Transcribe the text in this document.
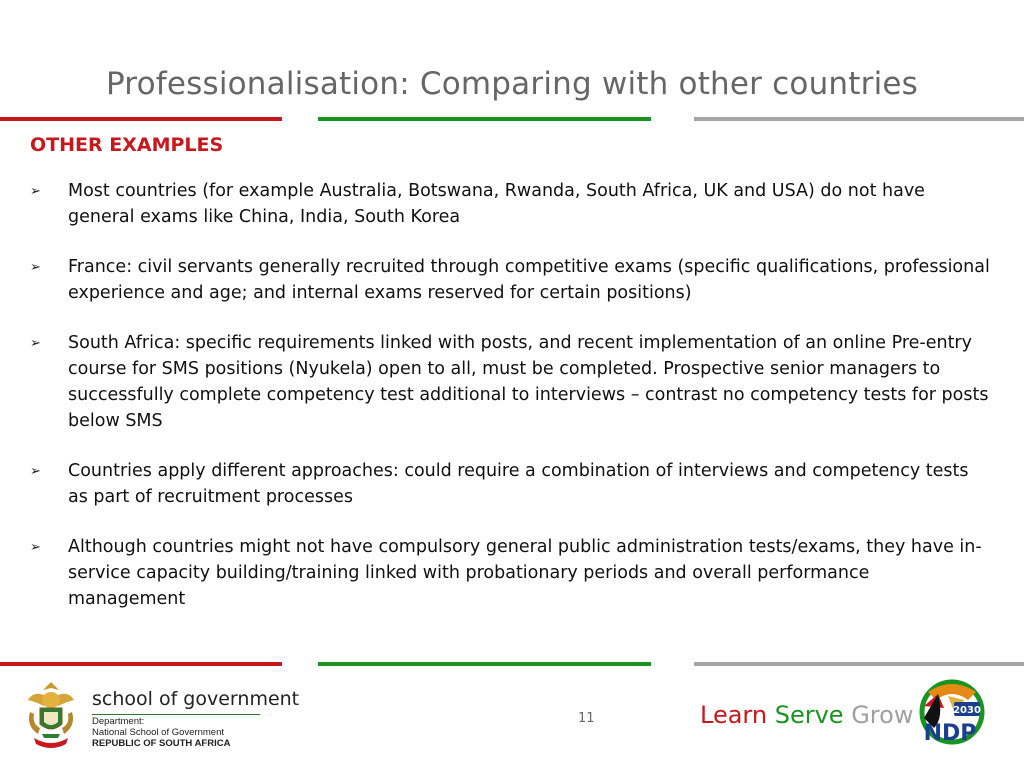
Professionalisation: Comparing with other countries
OTHER EXAMPLES
➢ Most countries (for example Australia, Botswana, Rwanda, South Africa, UK and USA) do not have general exams like China, India, South Korea
➢ France: civil servants generally recruited through competitive exams (specific qualifications, professional experience and age; and internal exams reserved for certain positions)
➢ South Africa: specific requirements linked with posts, and recent implementation of an online Pre-entry course for SMS positions (Nyukela) open to all, must be completed. Prospective senior managers to successfully complete competency test additional to interviews – contrast no competency tests for posts below SMS
➢ Countries apply different approaches: could require a combination of interviews and competency tests as part of recruitment processes
➢ Although countries might not have compulsory general public administration tests/exams, they have in-service capacity building/training linked with probationary periods and overall performance management
school of government
Department:
National School of Government
REPUBLIC OF SOUTH AFRICA
11	Learn Serve Grow	2030
NDP
